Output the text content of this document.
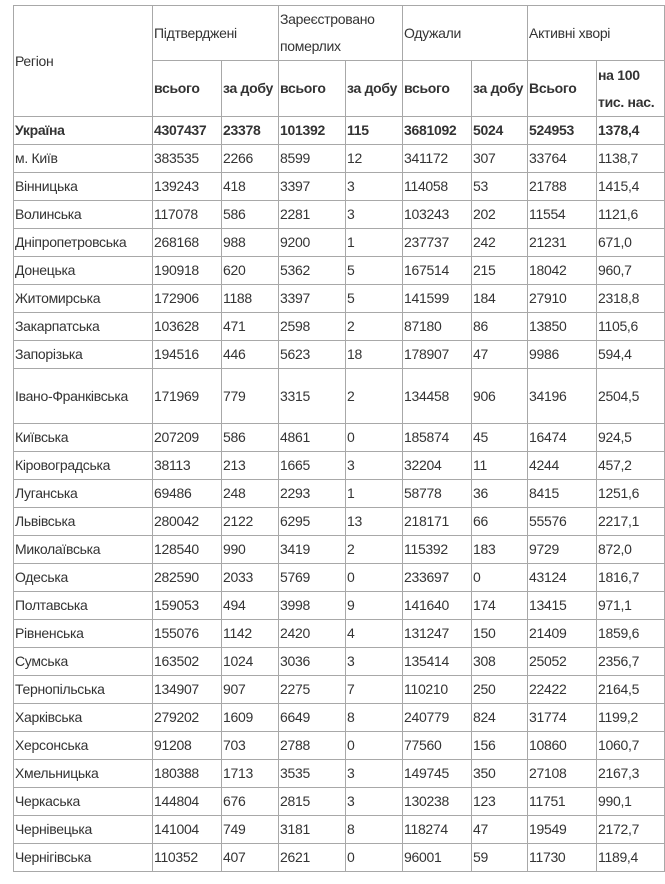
Регіон	Підтверджені		Зареєстровано померлих		Одужали		Активні хворі	
	всього	за добу	всього	за добу	всього	за добу	Всього	на 100 тис. нас.
Україна	4307437	23378	101392	115	3681092	5024	524953	1378,4
м. Київ	383535	2266	8599	12	341172	307	33764	1138,7
Вінницька	139243	418	3397	3	114058	53	21788	1415,4
Волинська	117078	586	2281	3	103243	202	11554	1121,6
Дніпропетровська	268168	988	9200	1	237737	242	21231	671,0
Донецька	190918	620	5362	5	167514	215	18042	960,7
Житомирська	172906	1188	3397	5	141599	184	27910	2318,8
Закарпатська	103628	471	2598	2	87180	86	13850	1105,6
Запорізька	194516	446	5623	18	178907	47	9986	594,4
Івано-Франківська	171969	779	3315	2	134458	906	34196	2504,5
Київська	207209	586	4861	0	185874	45	16474	924,5
Кіровоградська	38113	213	1665	3	32204	11	4244	457,2
Луганська	69486	248	2293	1	58778	36	8415	1251,6
Львівська	280042	2122	6295	13	218171	66	55576	2217,1
Миколаївська	128540	990	3419	2	115392	183	9729	872,0
Одеська	282590	2033	5769	0	233697	0	43124	1816,7
Полтавська	159053	494	3998	9	141640	174	13415	971,1
Рівненська	155076	1142	2420	4	131247	150	21409	1859,6
Сумська	163502	1024	3036	3	135414	308	25052	2356,7
Тернопільська	134907	907	2275	7	110210	250	22422	2164,5
Харківська	279202	1609	6649	8	240779	824	31774	1199,2
Херсонська	91208	703	2788	0	77560	156	10860	1060,7
Хмельницька	180388	1713	3535	3	149745	350	27108	2167,3
Черкаська	144804	676	2815	3	130238	123	11751	990,1
Чернівецька	141004	749	3181	8	118274	47	19549	2172,7
Чернігівська	110352	407	2621	0	96001	59	11730	1189,4
